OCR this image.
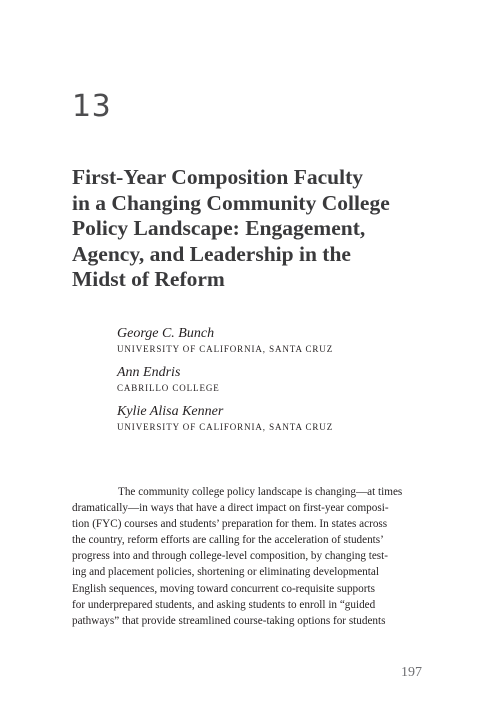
13
First-Year Composition Faculty
in a Changing Community College
Policy Landscape: Engagement,
Agency, and Leadership in the
Midst of Reform
George C. Bunch
UNIVERSITY OF CALIFORNIA, SANTA CRUZ
Ann Endris
CABRILLO COLLEGE
Kylie Alisa Kenner
UNIVERSITY OF CALIFORNIA, SANTA CRUZ
The community college policy landscape is changing—at times
dramatically—in ways that have a direct impact on first-year composi-
tion (FYC) courses and students’ preparation for them. In states across
the country, reform efforts are calling for the acceleration of students’
progress into and through college-level composition, by changing test-
ing and placement policies, shortening or eliminating developmental
English sequences, moving toward concurrent co-requisite supports
for underprepared students, and asking students to enroll in “guided
pathways” that provide streamlined course-taking options for students
197
